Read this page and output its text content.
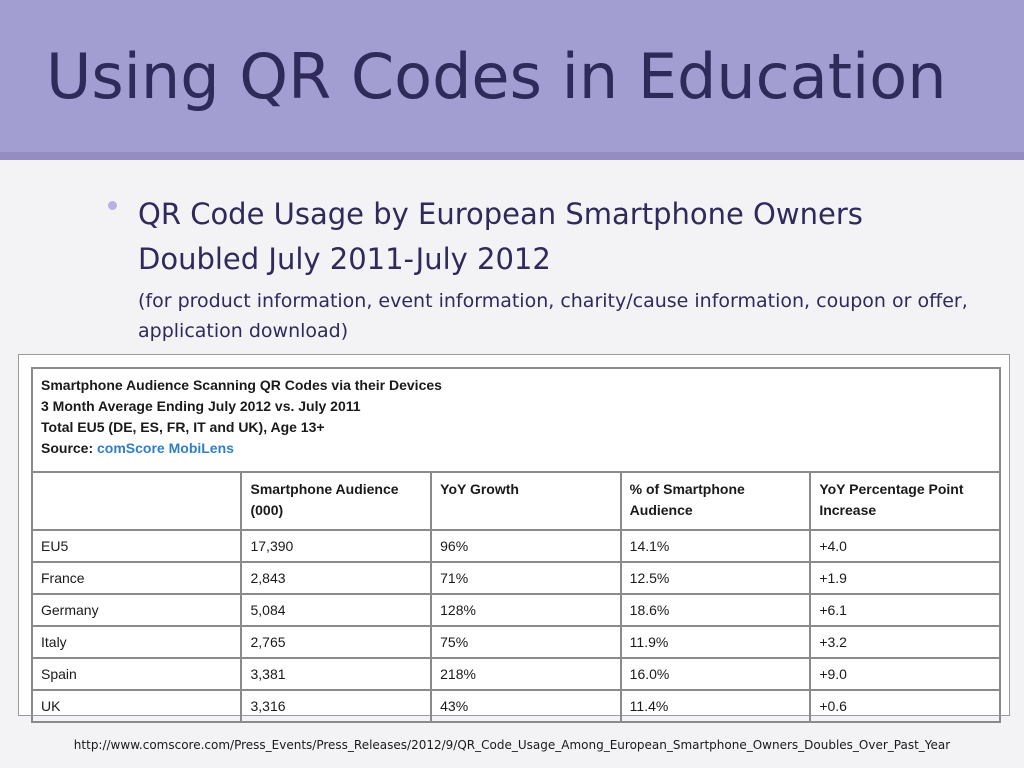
Using QR Codes in Education
QR Code Usage by European Smartphone Owners Doubled July 2011-July 2012
(for product information, event information, charity/cause information, coupon or offer, application download)
Smartphone Audience Scanning QR Codes via their Devices
3 Month Average Ending July 2012 vs. July 2011
Total EU5 (DE, ES, FR, IT and UK), Age 13+
Source: comScore MobiLens				

	Smartphone Audience (000)	YoY Growth	% of Smartphone Audience	YoY Percentage Point Increase
EU5	17,390	96%	14.1%	+4.0
France	2,843	71%	12.5%	+1.9
Germany	5,084	128%	18.6%	+6.1
Italy	2,765	75%	11.9%	+3.2
Spain	3,381	218%	16.0%	+9.0
UK	3,316	43%	11.4%	+0.6
http://www.comscore.com/Press_Events/Press_Releases/2012/9/QR_Code_Usage_Among_European_Smartphone_Owners_Doubles_Over_Past_Year
